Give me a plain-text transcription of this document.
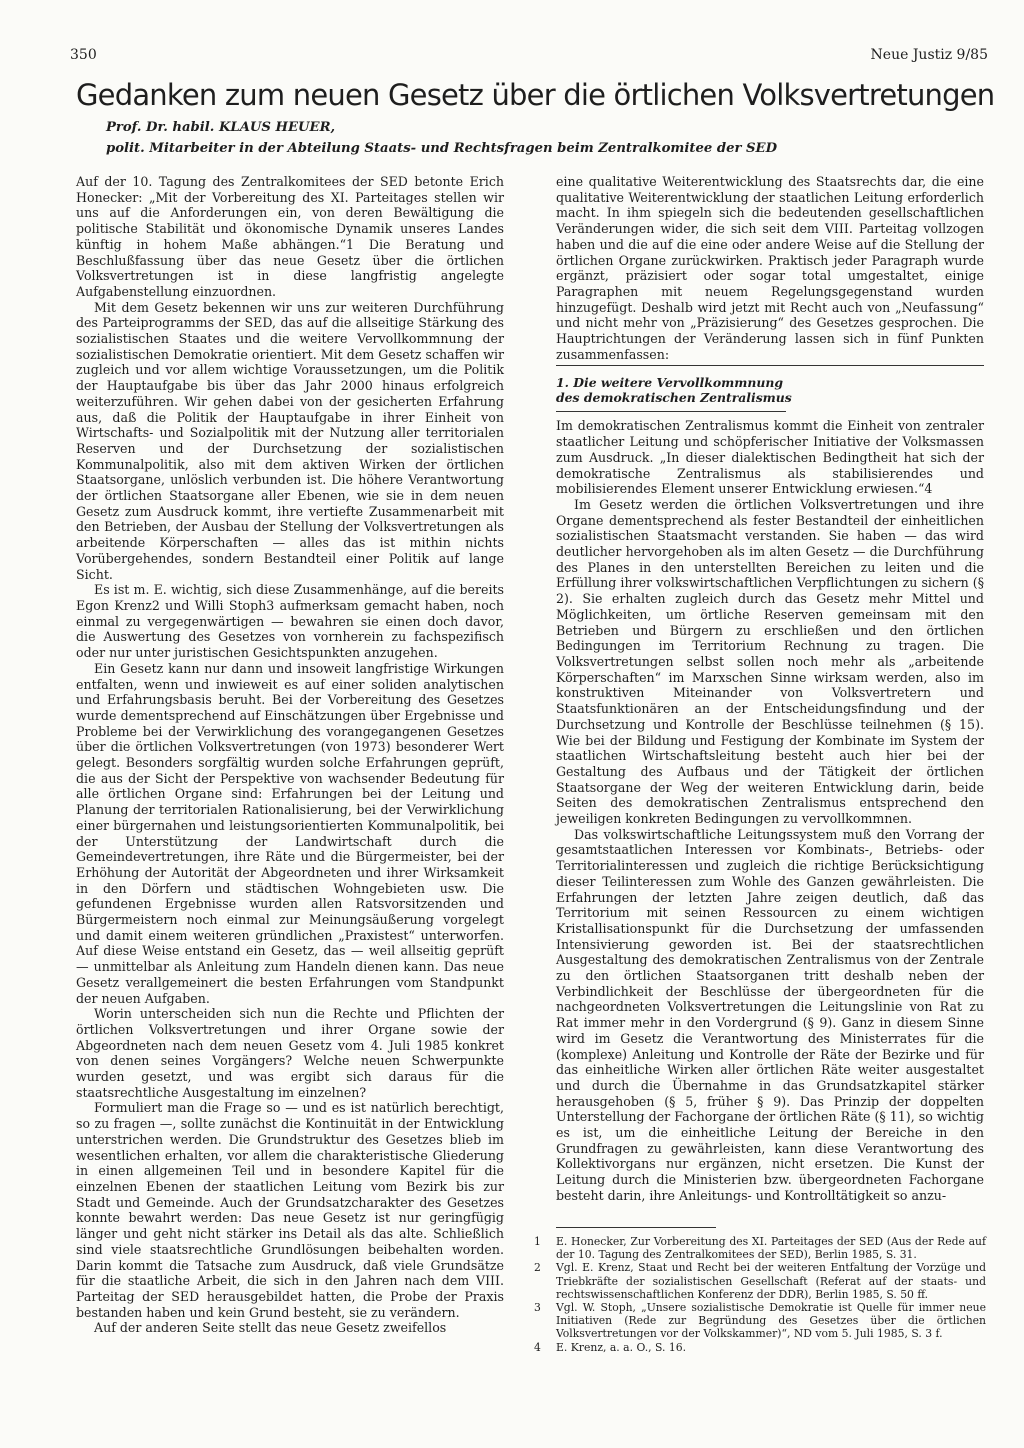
350	Neue Justiz 9/85
Gedanken zum neuen Gesetz über die örtlichen Volksvertretungen

Prof. Dr. habil. KLAUS HEUER,

polit. Mitarbeiter in der Abteilung Staats- und Rechtsfragen beim Zentralkomitee der SED

Auf der 10. Tagung des Zentralkomitees der SED betonte Erich Honecker: „Mit der Vorbereitung des XI. Parteitages stellen wir uns auf die Anforderungen ein, von deren Bewältigung die politische Stabilität und ökonomische Dynamik unseres Landes künftig in hohem Maße abhängen.“1 Die Beratung und Beschlußfassung über das neue Gesetz über die örtlichen Volksvertretungen ist in diese langfristig angelegte Aufgabenstellung einzuordnen.

Mit dem Gesetz bekennen wir uns zur weiteren Durchführung des Parteiprogramms der SED, das auf die allseitige Stärkung des sozialistischen Staates und die weitere Vervollkommnung der sozialistischen Demokratie orientiert. Mit dem Gesetz schaffen wir zugleich und vor allem wichtige Voraussetzungen, um die Politik der Hauptaufgabe bis über das Jahr 2000 hinaus erfolgreich weiterzuführen. Wir gehen dabei von der gesicherten Erfahrung aus, daß die Politik der Hauptaufgabe in ihrer Einheit von Wirtschafts- und Sozialpolitik mit der Nutzung aller territorialen Reserven und der Durchsetzung der sozialistischen Kommunalpolitik, also mit dem aktiven Wirken der örtlichen Staatsorgane, unlöslich verbunden ist. Die höhere Verantwortung der örtlichen Staatsorgane aller Ebenen, wie sie in dem neuen Gesetz zum Ausdruck kommt, ihre vertiefte Zusammenarbeit mit den Betrieben, der Ausbau der Stellung der Volksvertretungen als arbeitende Körperschaften — alles das ist mithin nichts Vorübergehendes, sondern Bestandteil einer Politik auf lange Sicht.

Es ist m. E. wichtig, sich diese Zusammenhänge, auf die bereits Egon Krenz2 und Willi Stoph3 aufmerksam gemacht haben, noch einmal zu vergegenwärtigen — bewahren sie einen doch davor, die Auswertung des Gesetzes von vornherein zu fachspezifisch oder nur unter juristischen Gesichtspunkten anzugehen.

Ein Gesetz kann nur dann und insoweit langfristige Wirkungen entfalten, wenn und inwieweit es auf einer soliden analytischen und Erfahrungsbasis beruht. Bei der Vorbereitung des Gesetzes wurde dementsprechend auf Einschätzungen über Ergebnisse und Probleme bei der Verwirklichung des vorangegangenen Gesetzes über die örtlichen Volksvertretungen (von 1973) besonderer Wert gelegt. Besonders sorgfältig wurden solche Erfahrungen geprüft, die aus der Sicht der Perspektive von wachsender Bedeutung für alle örtlichen Organe sind: Erfahrungen bei der Leitung und Planung der territorialen Rationalisierung, bei der Verwirklichung einer bürgernahen und leistungsorientierten Kommunalpolitik, bei der Unterstützung der Landwirtschaft durch die Gemeindevertretungen, ihre Räte und die Bürgermeister, bei der Erhöhung der Autorität der Abgeordneten und ihrer Wirksamkeit in den Dörfern und städtischen Wohngebieten usw. Die gefundenen Ergebnisse wurden allen Ratsvorsitzenden und Bürgermeistern noch einmal zur Meinungsäußerung vorgelegt und damit einem weiteren gründlichen „Praxistest“ unterworfen. Auf diese Weise entstand ein Gesetz, das — weil allseitig geprüft — unmittelbar als Anleitung zum Handeln dienen kann. Das neue Gesetz verallgemeinert die besten Erfahrungen vom Standpunkt der neuen Aufgaben.

Worin unterscheiden sich nun die Rechte und Pflichten der örtlichen Volksvertretungen und ihrer Organe sowie der Abgeordneten nach dem neuen Gesetz vom 4. Juli 1985 konkret von denen seines Vorgängers? Welche neuen Schwerpunkte wurden gesetzt, und was ergibt sich daraus für die staatsrechtliche Ausgestaltung im einzelnen?

Formuliert man die Frage so — und es ist natürlich berechtigt, so zu fragen —, sollte zunächst die Kontinuität in der Entwicklung unterstrichen werden. Die Grundstruktur des Gesetzes blieb im wesentlichen erhalten, vor allem die charakteristische Gliederung in einen allgemeinen Teil und in besondere Kapitel für die einzelnen Ebenen der staatlichen Leitung vom Bezirk bis zur Stadt und Gemeinde. Auch der Grundsatzcharakter des Gesetzes konnte bewahrt werden: Das neue Gesetz ist nur geringfügig länger und geht nicht stärker ins Detail als das alte. Schließlich sind viele staatsrechtliche Grundlösungen beibehalten worden. Darin kommt die Tatsache zum Ausdruck, daß viele Grundsätze für die staatliche Arbeit, die sich in den Jahren nach dem VIII. Parteitag der SED herausgebildet hatten, die Probe der Praxis bestanden haben und kein Grund besteht, sie zu verändern.

Auf der anderen Seite stellt das neue Gesetz zweifellos

eine qualitative Weiterentwicklung des Staatsrechts dar, die eine qualitative Weiterentwicklung der staatlichen Leitung erforderlich macht. In ihm spiegeln sich die bedeutenden gesellschaftlichen Veränderungen wider, die sich seit dem VIII. Parteitag vollzogen haben und die auf die eine oder andere Weise auf die Stellung der örtlichen Organe zurückwirken. Praktisch jeder Paragraph wurde ergänzt, präzisiert oder sogar total umgestaltet, einige Paragraphen mit neuem Regelungsgegenstand wurden hinzugefügt. Deshalb wird jetzt mit Recht auch von „Neufassung“ und nicht mehr von „Präzisierung“ des Gesetzes gesprochen. Die Hauptrichtungen der Veränderung lassen sich in fünf Punkten zusammenfassen:

1. Die weitere Vervollkommnung
des demokratischen Zentralismus

Im demokratischen Zentralismus kommt die Einheit von zentraler staatlicher Leitung und schöpferischer Initiative der Volksmassen zum Ausdruck. „In dieser dialektischen Bedingtheit hat sich der demokratische Zentralismus als stabilisierendes und mobilisierendes Element unserer Entwicklung erwiesen.“4

Im Gesetz werden die örtlichen Volksvertretungen und ihre Organe dementsprechend als fester Bestandteil der einheitlichen sozialistischen Staatsmacht verstanden. Sie haben — das wird deutlicher hervorgehoben als im alten Gesetz — die Durchführung des Planes in den unterstellten Bereichen zu leiten und die Erfüllung ihrer volkswirtschaftlichen Verpflichtungen zu sichern (§ 2). Sie erhalten zugleich durch das Gesetz mehr Mittel und Möglichkeiten, um örtliche Reserven gemeinsam mit den Betrieben und Bürgern zu erschließen und den örtlichen Bedingungen im Territorium Rechnung zu tragen. Die Volksvertretungen selbst sollen noch mehr als „arbeitende Körperschaften“ im Marxschen Sinne wirksam werden, also im konstruktiven Miteinander von Volksvertretern und Staatsfunktionären an der Entscheidungsfindung und der Durchsetzung und Kontrolle der Beschlüsse teilnehmen (§ 15). Wie bei der Bildung und Festigung der Kombinate im System der staatlichen Wirtschaftsleitung besteht auch hier bei der Gestaltung des Aufbaus und der Tätigkeit der örtlichen Staatsorgane der Weg der weiteren Entwicklung darin, beide Seiten des demokratischen Zentralismus entsprechend den jeweiligen konkreten Bedingungen zu vervollkommnen.

Das volkswirtschaftliche Leitungssystem muß den Vorrang der gesamtstaatlichen Interessen vor Kombinats-, Betriebs- oder Territorialinteressen und zugleich die richtige Berücksichtigung dieser Teilinteressen zum Wohle des Ganzen gewährleisten. Die Erfahrungen der letzten Jahre zeigen deutlich, daß das Territorium mit seinen Ressourcen zu einem wichtigen Kristallisationspunkt für die Durchsetzung der umfassenden Intensivierung geworden ist. Bei der staatsrechtlichen Ausgestaltung des demokratischen Zentralismus von der Zentrale zu den örtlichen Staatsorganen tritt deshalb neben der Verbindlichkeit der Beschlüsse der übergeordneten für die nachgeordneten Volksvertretungen die Leitungslinie von Rat zu Rat immer mehr in den Vordergrund (§ 9). Ganz in diesem Sinne wird im Gesetz die Verantwortung des Ministerrates für die (komplexe) Anleitung und Kontrolle der Räte der Bezirke und für das einheitliche Wirken aller örtlichen Räte weiter ausgestaltet und durch die Übernahme in das Grundsatzkapitel stärker herausgehoben (§ 5, früher § 9). Das Prinzip der doppelten Unterstellung der Fachorgane der örtlichen Räte (§ 11), so wichtig es ist, um die einheitliche Leitung der Bereiche in den Grundfragen zu gewährleisten, kann diese Verantwortung des Kollektivorgans nur ergänzen, nicht ersetzen. Die Kunst der Leitung durch die Ministerien bzw. übergeordneten Fachorgane besteht darin, ihre Anleitungs- und Kontrolltätigkeit so anzu-

1 E. Honecker, Zur Vorbereitung des XI. Parteitages der SED (Aus der Rede auf der 10. Tagung des Zentralkomitees der SED), Berlin 1985, S. 31.
2 Vgl. E. Krenz, Staat und Recht bei der weiteren Entfaltung der Vorzüge und Triebkräfte der sozialistischen Gesellschaft (Referat auf der staats- und rechtswissenschaftlichen Konferenz der DDR), Berlin 1985, S. 50 ff.
3 Vgl. W. Stoph, „Unsere sozialistische Demokratie ist Quelle für immer neue Initiativen (Rede zur Begründung des Gesetzes über die örtlichen Volksvertretungen vor der Volkskammer)“, ND vom 5. Juli 1985, S. 3 f.
4 E. Krenz, a. a. O., S. 16.
